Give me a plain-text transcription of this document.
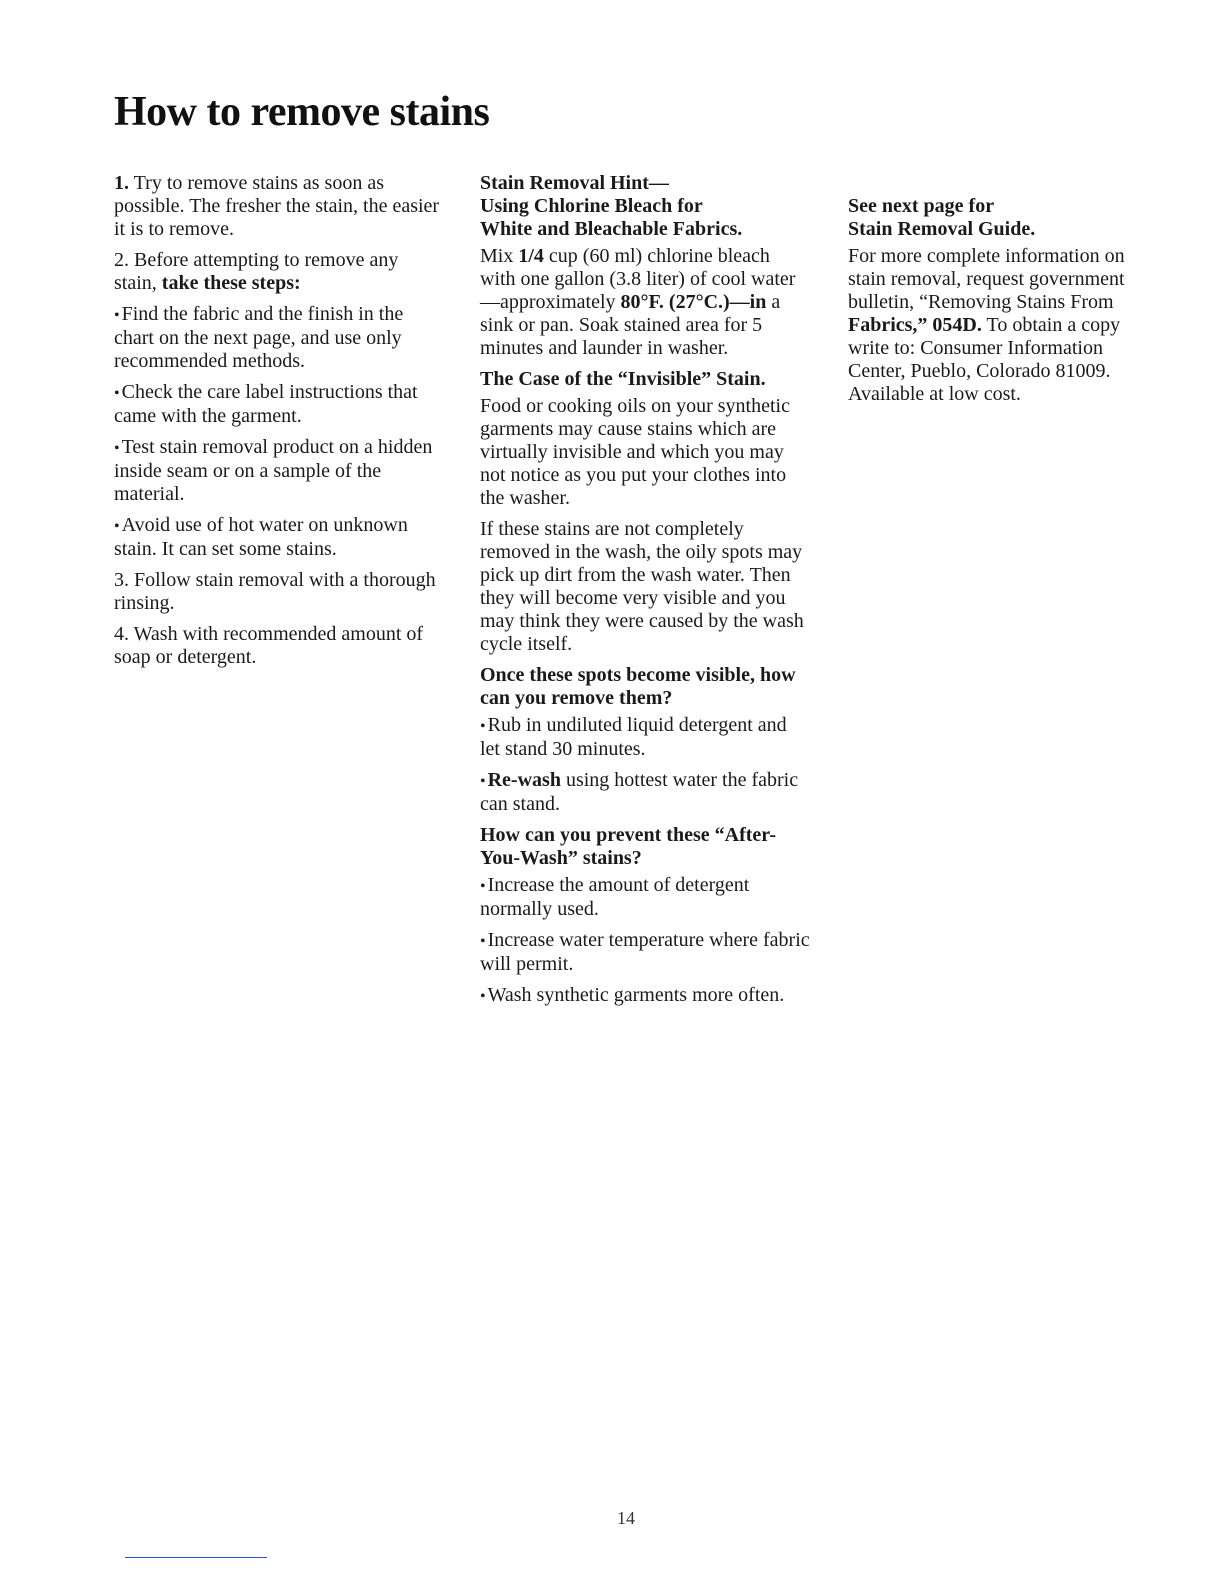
How to remove stains

1. Try to remove stains as soon as possible. The fresher the stain, the easier it is to remove.

2. Before attempting to remove any stain, take these steps:

• Find the fabric and the finish in the chart on the next page, and use only recommended methods.

• Check the care label instructions that came with the garment.

• Test stain removal product on a hidden inside seam or on a sample of the material.

• Avoid use of hot water on unknown stain. It can set some stains.

3. Follow stain removal with a thorough rinsing.

4. Wash with recommended amount of soap or detergent.

Stain Removal Hint—
Using Chlorine Bleach for
White and Bleachable Fabrics.

Mix 1/4 cup (60 ml) chlorine bleach with one gallon (3.8 liter) of cool water—approximately 80°F. (27°C.)—in a sink or pan. Soak stained area for 5 minutes and launder in washer.

The Case of the “Invisible” Stain.

Food or cooking oils on your synthetic garments may cause stains which are virtually invisible and which you may not notice as you put your clothes into the washer.

If these stains are not completely removed in the wash, the oily spots may pick up dirt from the wash water. Then they will become very visible and you may think they were caused by the wash cycle itself.

Once these spots become visible, how can you remove them?

• Rub in undiluted liquid detergent and let stand 30 minutes.

• Re-wash using hottest water the fabric can stand.

How can you prevent these “After-You-Wash” stains?

• Increase the amount of detergent normally used.

• Increase water temperature where fabric will permit.

• Wash synthetic garments more often.

See next page for
Stain Removal Guide.

For more complete information on stain removal, request government bulletin, “Removing Stains From Fabrics,” 054D. To obtain a copy write to: Consumer Information Center, Pueblo, Colorado 81009. Available at low cost.

14
